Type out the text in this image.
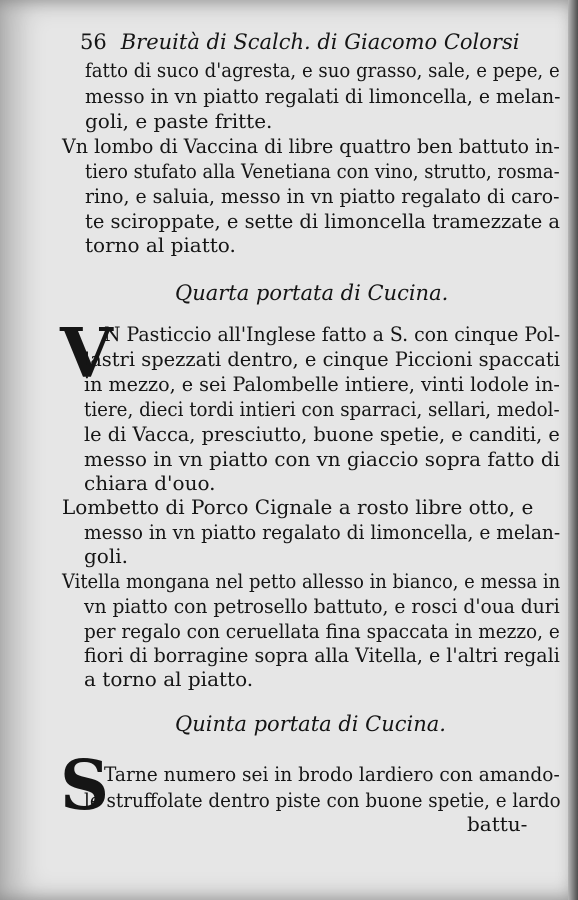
56 Breuità di Scalch. di Giacomo Colorsi
fatto di suco d'agresta, e suo grasso, sale, e pepe, e
messo in vn piatto regalati di limoncella, e melan-
goli, e paste fritte.
Vn lombo di Vaccina di libre quattro ben battuto in-
tiero stufato alla Venetiana con vino, strutto, rosma-
rino, e saluia, messo in vn piatto regalato di caro-
te sciroppate, e sette di limoncella tramezzate a
torno al piatto.
Quarta portata di Cucina.
V
N Pasticcio all'Inglese fatto a S. con cinque Pol-
lastri spezzati dentro, e cinque Piccioni spaccati
in mezzo, e sei Palombelle intiere, vinti lodole in-
tiere, dieci tordi intieri con sparraci, sellari, medol-
le di Vacca, presciutto, buone spetie, e canditi, e
messo in vn piatto con vn giaccio sopra fatto di
chiara d'ouo.
Lombetto di Porco Cignale a rosto libre otto, e
messo in vn piatto regalato di limoncella, e melan-
goli.
Vitella mongana nel petto allesso in bianco, e messa in
vn piatto con petrosello battuto, e rosci d'oua duri
per regalo con ceruellata fina spaccata in mezzo, e
fiori di borragine sopra alla Vitella, e l'altri regali
a torno al piatto.
Quinta portata di Cucina.
S
Tarne numero sei in brodo lardiero con amando-
le struffolate dentro piste con buone spetie, e lardo
battu-
